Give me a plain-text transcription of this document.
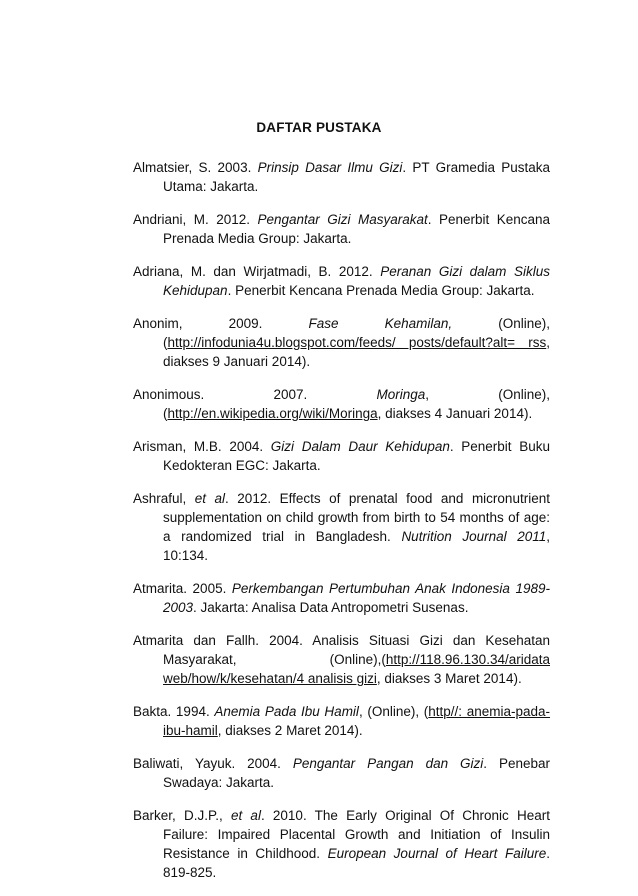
DAFTAR PUSTAKA

Almatsier, S. 2003. Prinsip Dasar Ilmu Gizi. PT Gramedia Pustaka Utama: Jakarta.

Andriani, M. 2012. Pengantar Gizi Masyarakat. Penerbit Kencana Prenada Media Group: Jakarta.

Adriana, M. dan Wirjatmadi, B. 2012. Peranan Gizi dalam Siklus Kehidupan. Penerbit Kencana Prenada Media Group: Jakarta.

Anonim, 2009.	Fase Kehamilan, (Online), (http://infodunia4u.blogspot.com/feeds/ posts/default?alt= rss, diakses 9 Januari 2014).

Anonimous. 2007.	Moringa, (Online), (http://en.wikipedia.org/wiki/Moringa, diakses 4 Januari 2014).

Arisman, M.B. 2004. Gizi Dalam Daur Kehidupan. Penerbit Buku Kedokteran EGC: Jakarta.

Ashraful, et al. 2012. Effects of prenatal food and micronutrient supplementation on child growth from birth to 54 months of age: a randomized trial in Bangladesh. Nutrition Journal 2011, 10:134.

Atmarita. 2005. Perkembangan Pertumbuhan Anak Indonesia 1989-2003. Jakarta: Analisa Data Antropometri Susenas.

Atmarita dan Fallh. 2004. Analisis Situasi Gizi dan Kesehatan Masyarakat, (Online),(http://118.96.130.34/aridata web/how/k/kesehatan/4 analisis gizi, diakses 3 Maret 2014).

Bakta. 1994. Anemia Pada Ibu Hamil, (Online), (http//: anemia-pada-ibu-hamil, diakses 2 Maret 2014).

Baliwati, Yayuk. 2004. Pengantar Pangan dan Gizi. Penebar Swadaya: Jakarta.

Barker, D.J.P., et al. 2010. The Early Original Of Chronic Heart Failure: Impaired Placental Growth and Initiation of Insulin Resistance in Childhood. European Journal of Heart Failure. 819-825.
